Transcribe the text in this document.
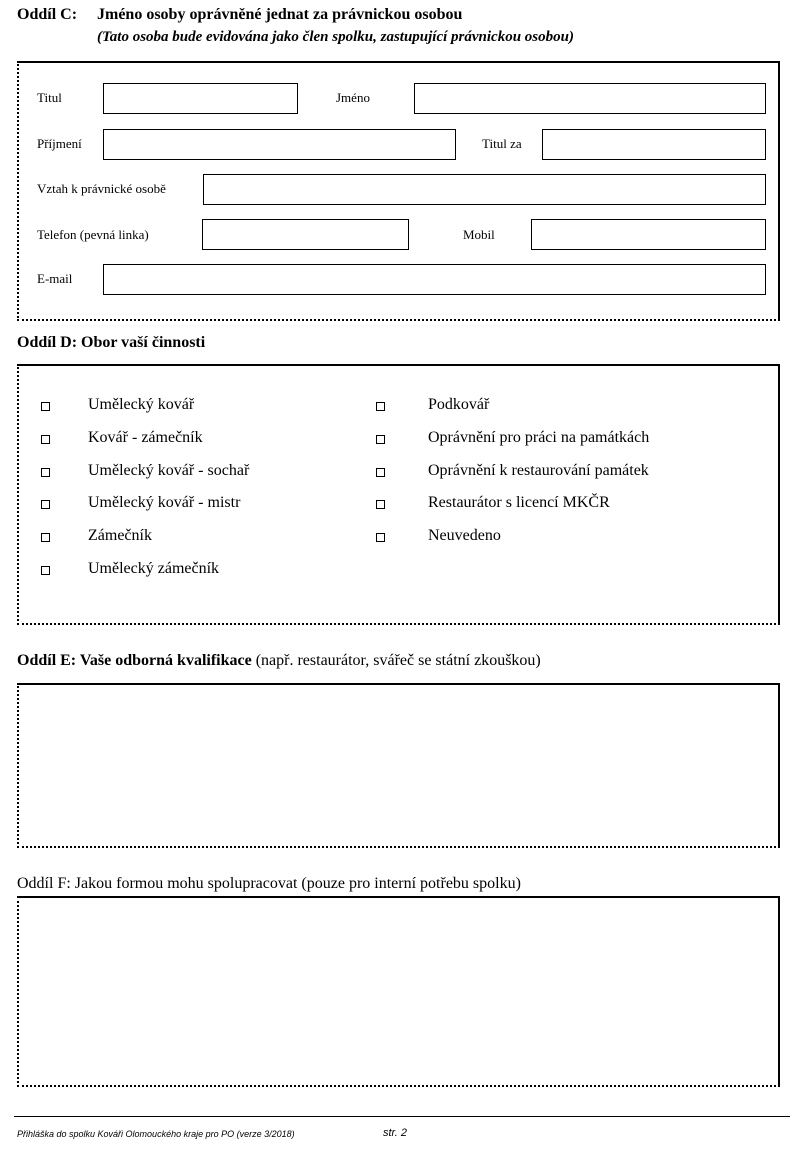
Oddíl C: Jméno osoby oprávněné jednat za právnickou osobou
(Tato osoba bude evidována jako člen spolku, zastupující právnickou osobou)
Titul	Jméno
Příjmení	Titul za
Vztah k právnické osobě
Telefon (pevná linka)	Mobil
E-mail
Oddíl D: Obor vaší činnosti
Umělecký kovář
Kovář - zámečník
Umělecký kovář - sochař
Umělecký kovář - mistr
Zámečník
Umělecký zámečník
Podkovář
Oprávnění pro práci na památkách
Oprávnění k restaurování památek
Restaurátor s licencí MKČR
Neuvedeno
Oddíl E: Vaše odborná kvalifikace (např. restaurátor, svářeč se státní zkouškou)
Oddíl F: Jakou formou mohu spolupracovat (pouze pro interní potřebu spolku)
Přihláška do spolku Kováři Olomouckého kraje pro PO (verze 3/2018)	str. 2
